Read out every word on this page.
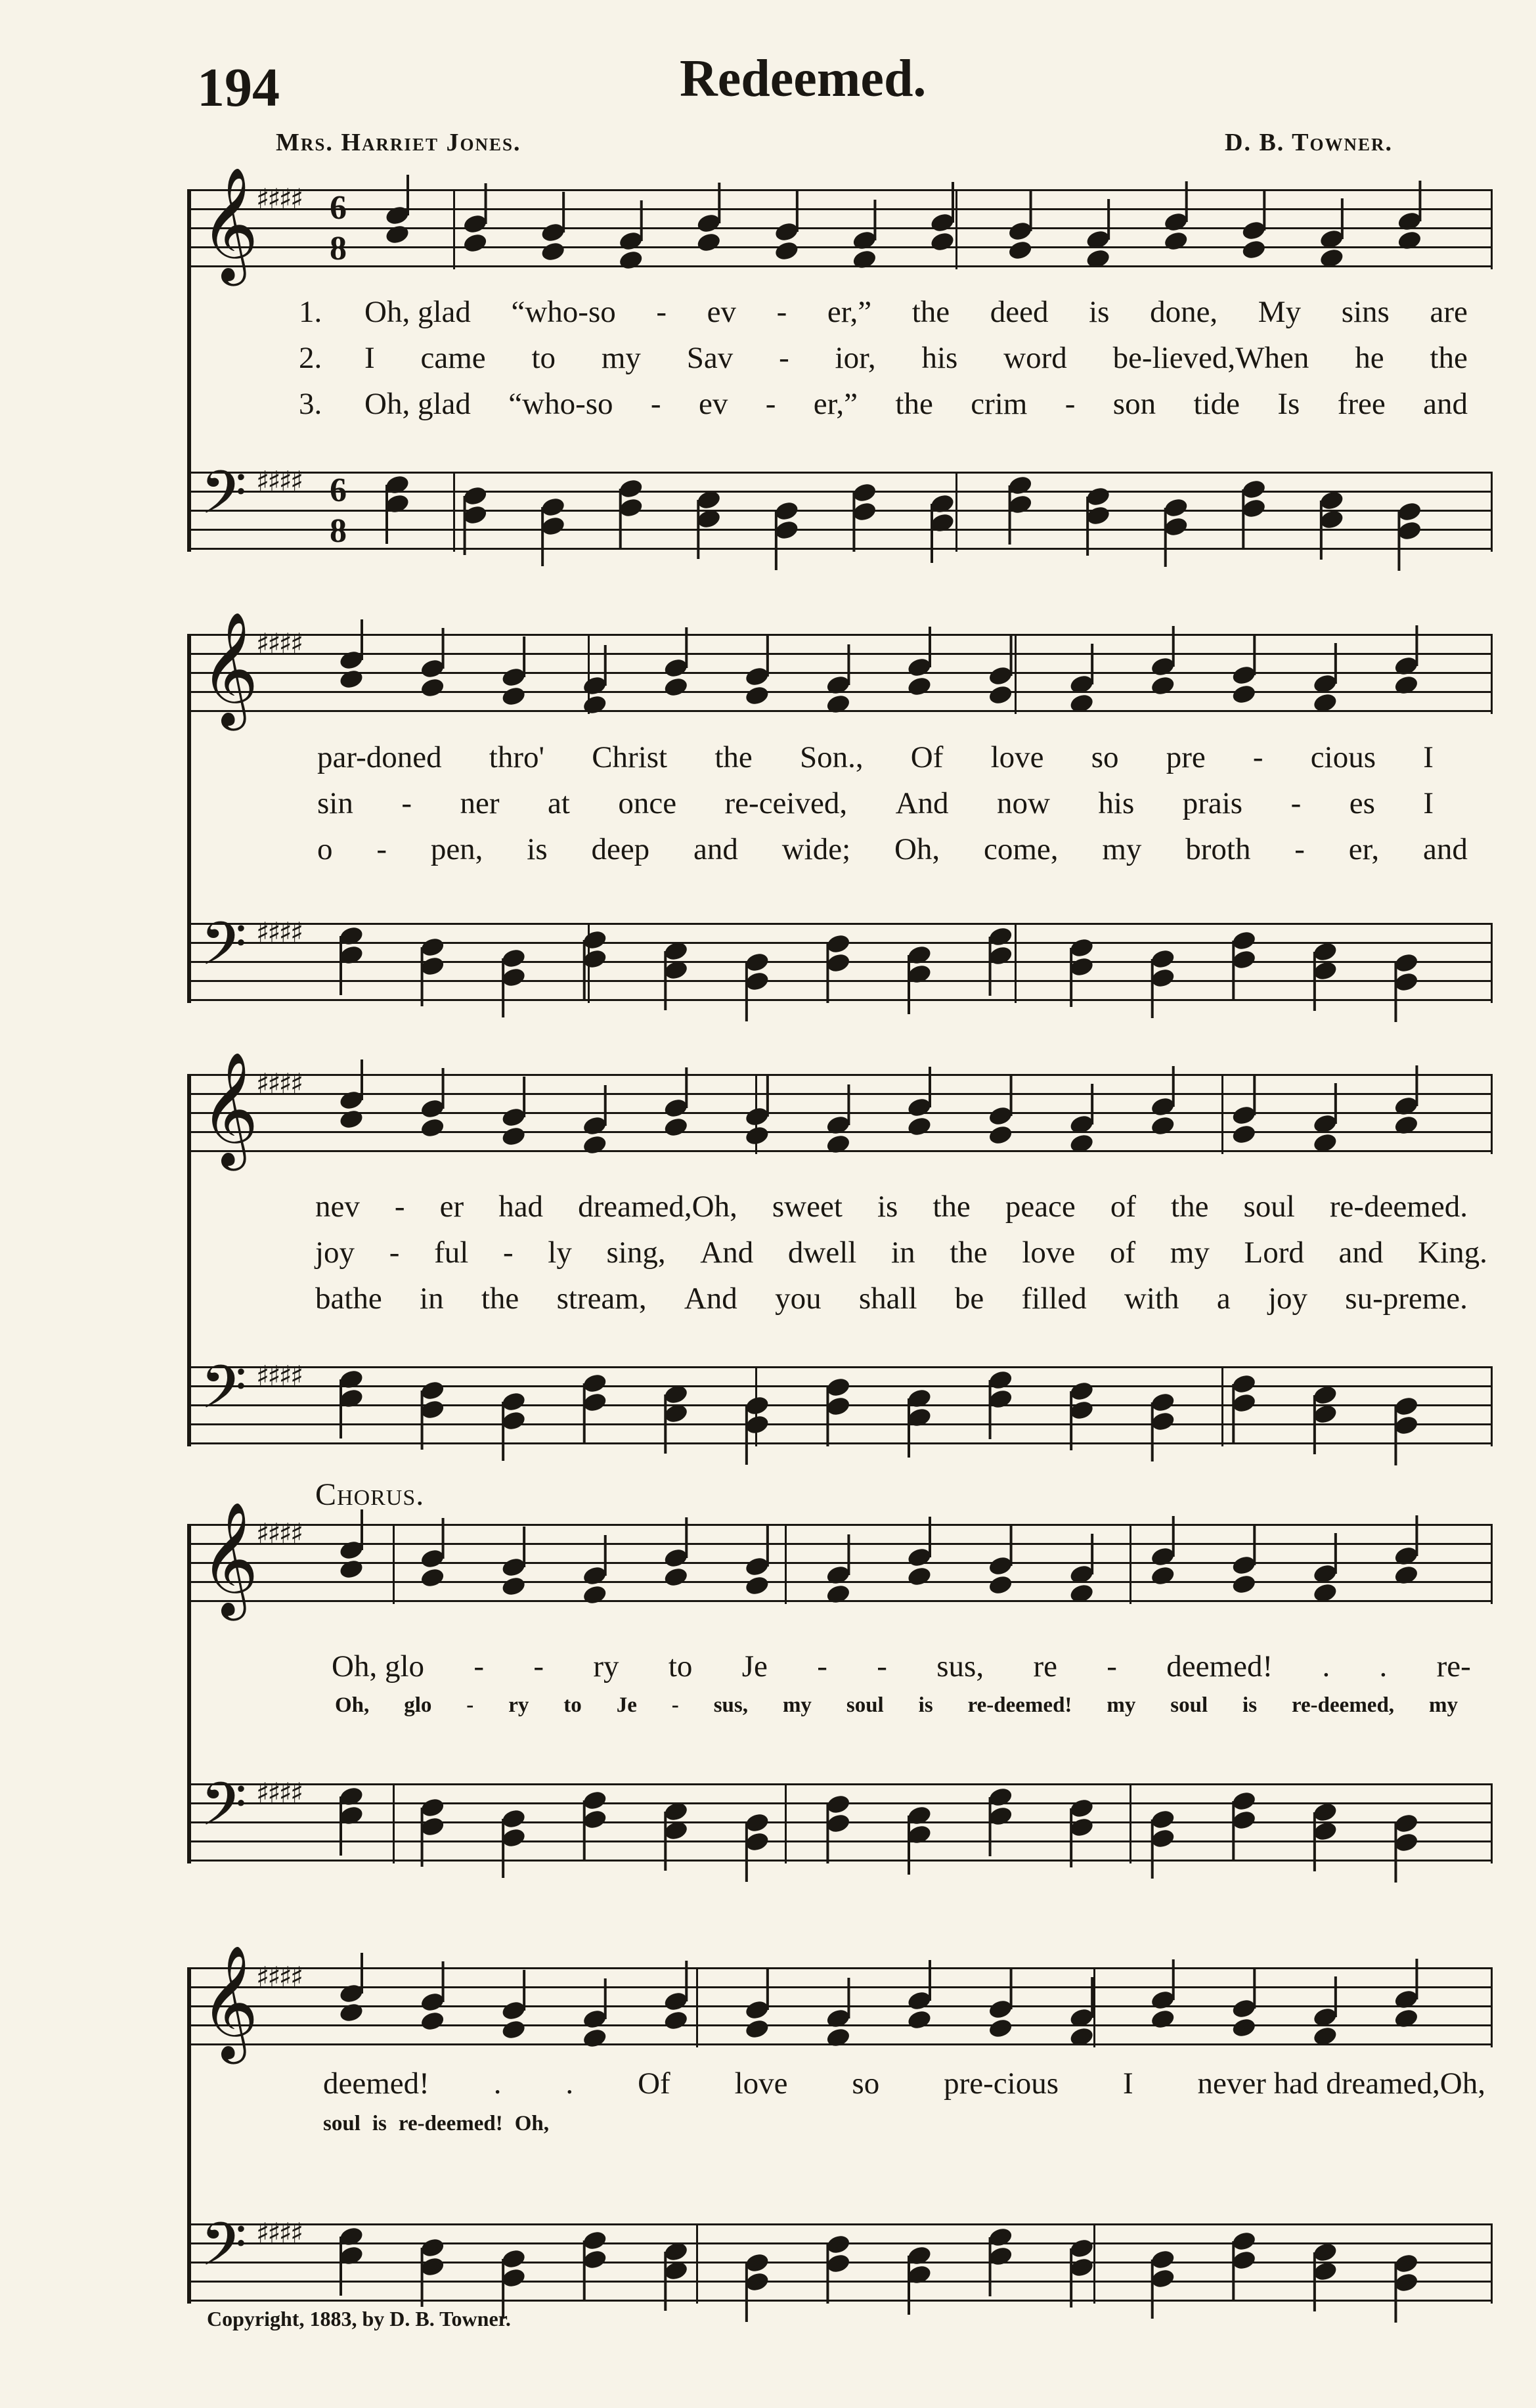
194	Redeemed.
Mrs. Harriet Jones.	D. B. Towner.
𝄞
♯♯♯♯ 6
8
𝄢 ♯♯♯♯ 6
8
𝄞
♯♯♯♯
𝄢 ♯♯♯♯
𝄞
♯♯♯♯
𝄢 ♯♯♯♯
𝄞
♯♯♯♯
𝄢 ♯♯♯♯
𝄞
♯♯♯♯
𝄢 ♯♯♯♯
1.
2.
3.
Oh, glad “who-so - ev - er,” the deed is done, My sins are
I came to my Sav - ior, his word be-lieved,When he the
Oh, glad “who-so - ev - er,” the crim - son tide Is free and
par-doned thro' Christ the Son., Of love so pre - cious I
sin - ner at once re-ceived, And now his prais - es I
o - pen, is deep and wide; Oh, come, my broth - er, and
nev - er had dreamed,Oh, sweet is the peace of the soul re-deemed.
joy - ful - ly sing, And dwell in the love of my Lord and King.
bathe in the stream, And you shall be filled with a joy su-preme.
Chorus.
Oh, glo - - ry to Je - - sus, re - deemed! . . re-
Oh, glo - ry to Je - sus, my soul is re-deemed! my soul is re-deemed, my
deemed! . . Of love so pre-cious I never had dreamed,Oh,
soul is re-deemed! Oh,
Copyright, 1883, by D. B. Towner.
